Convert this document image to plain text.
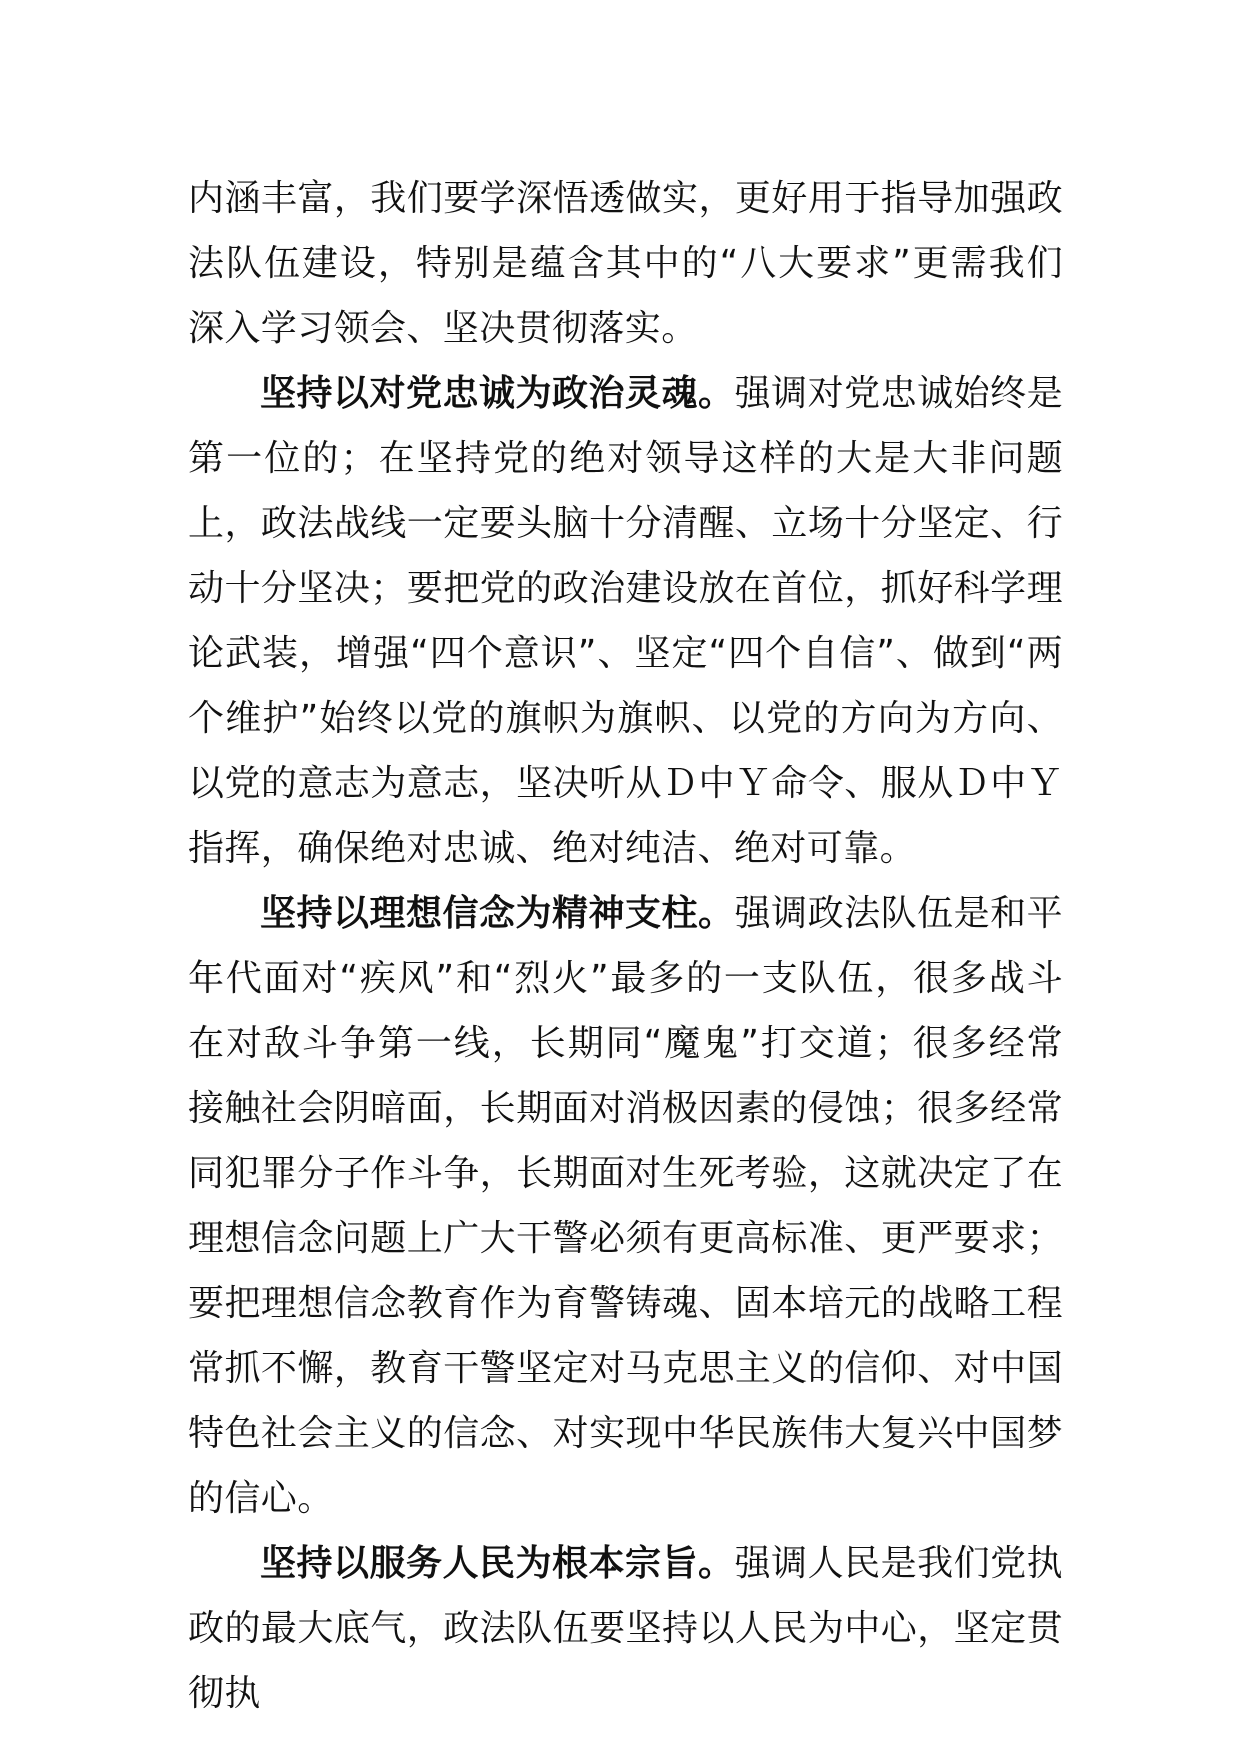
内涵丰富，我们要学深悟透做实，更好用于指导加强政法队伍建设，特别是蕴含其中的“八大要求”更需我们深入学习领会、坚决贯彻落实。

坚持以对党忠诚为政治灵魂。强调对党忠诚始终是第一位的；在坚持党的绝对领导这样的大是大非问题上，政法战线一定要头脑十分清醒、立场十分坚定、行动十分坚决；要把党的政治建设放在首位，抓好科学理论武装，增强“四个意识”、坚定“四个自信”、做到“两个维护”始终以党的旗帜为旗帜、以党的方向为方向、以党的意志为意志，坚决听从Ｄ中Ｙ命令、服从Ｄ中Ｙ指挥，确保绝对忠诚、绝对纯洁、绝对可靠。

坚持以理想信念为精神支柱。强调政法队伍是和平年代面对“疾风”和“烈火”最多的一支队伍，很多战斗在对敌斗争第一线，长期同“魔鬼”打交道；很多经常接触社会阴暗面，长期面对消极因素的侵蚀；很多经常同犯罪分子作斗争，长期面对生死考验，这就决定了在理想信念问题上广大干警必须有更高标准、更严要求；要把理想信念教育作为育警铸魂、固本培元的战略工程常抓不懈，教育干警坚定对马克思主义的信仰、对中国特色社会主义的信念、对实现中华民族伟大复兴中国梦的信心。

坚持以服务人民为根本宗旨。强调人民是我们党执政的最大底气，政法队伍要坚持以人民为中心，坚定贯彻执
